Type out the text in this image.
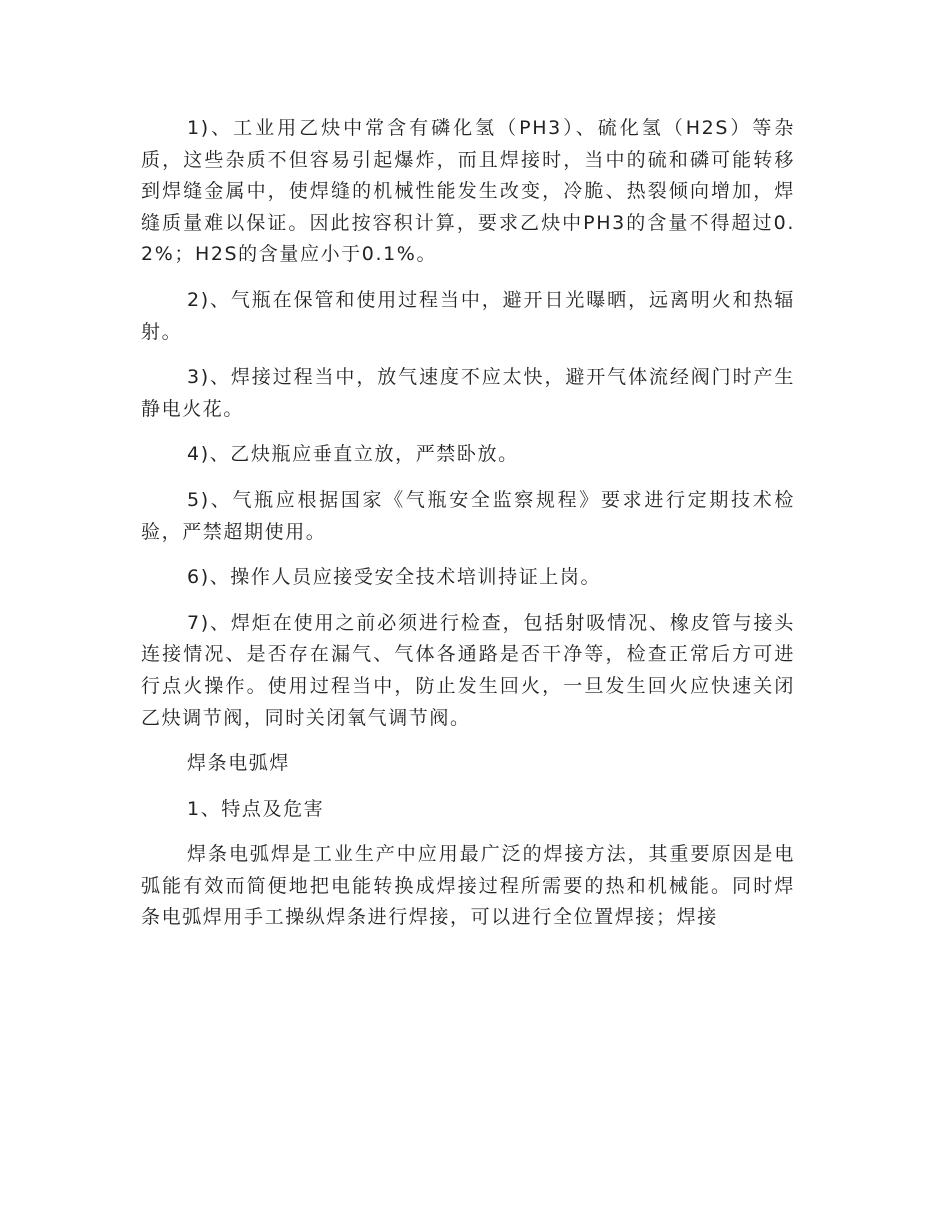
1)、工业用乙炔中常含有磷化氢（PH3）、硫化氢（H2S）等杂质，这些杂质不但容易引起爆炸，而且焊接时，当中的硫和磷可能转移到焊缝金属中，使焊缝的机械性能发生改变，冷脆、热裂倾向增加，焊缝质量难以保证。因此按容积计算，要求乙炔中PH3的含量不得超过0.2%；H2S的含量应小于0.1%。

2)、气瓶在保管和使用过程当中，避开日光曝晒，远离明火和热辐射。

3)、焊接过程当中，放气速度不应太快，避开气体流经阀门时产生静电火花。

4)、乙炔瓶应垂直立放，严禁卧放。

5)、气瓶应根据国家《气瓶安全监察规程》要求进行定期技术检验，严禁超期使用。

6)、操作人员应接受安全技术培训持证上岗。

7)、焊炬在使用之前必须进行检查，包括射吸情况、橡皮管与接头连接情况、是否存在漏气、气体各通路是否干净等，检查正常后方可进行点火操作。使用过程当中，防止发生回火，一旦发生回火应快速关闭乙炔调节阀，同时关闭氧气调节阀。

焊条电弧焊

1、特点及危害

焊条电弧焊是工业生产中应用最广泛的焊接方法，其重要原因是电弧能有效而简便地把电能转换成焊接过程所需要的热和机械能。同时焊条电弧焊用手工操纵焊条进行焊接，可以进行全位置焊接；焊接
